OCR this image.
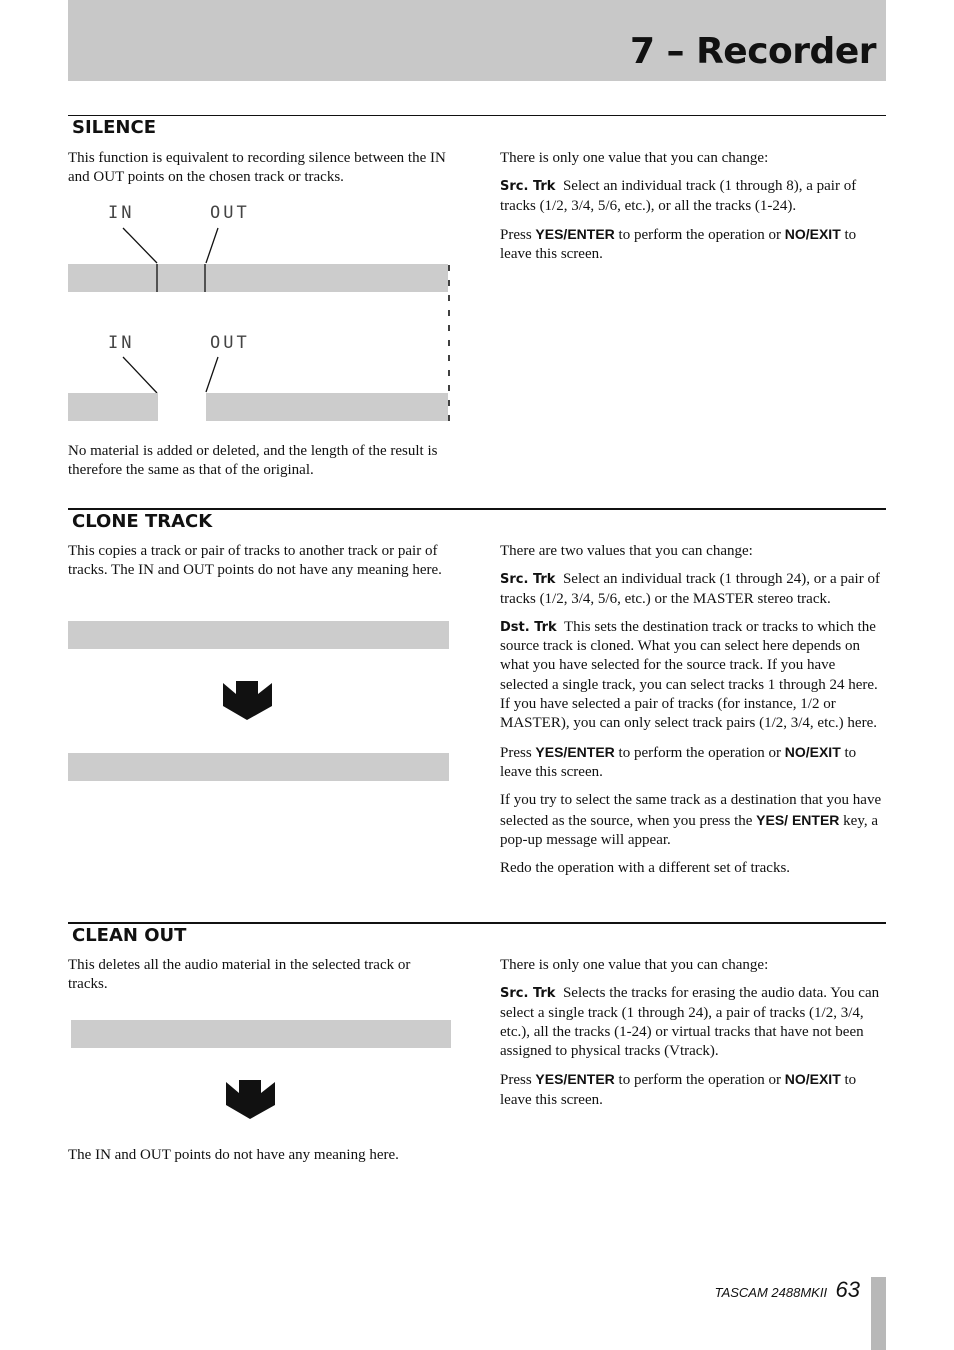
7 – Recorder
SILENCE

This function is equivalent to recording silence between the IN and OUT points on the chosen track or tracks.

No material is added or deleted, and the length of the result is therefore the same as that of the original.

There is only one value that you can change:

Src. Trk Select an individual track (1 through 8), a pair of tracks (1/2, 3/4, 5/6, etc.), or all the tracks (1-24).

Press YES/ENTER to perform the operation or NO/EXIT to leave this screen.

CLONE TRACK

This copies a track or pair of tracks to another track or pair of tracks. The IN and OUT points do not have any meaning here.

There are two values that you can change:

Src. Trk Select an individual track (1 through 24), or a pair of tracks (1/2, 3/4, 5/6, etc.) or the MASTER stereo track.

Dst. Trk This sets the destination track or tracks to which the source track is cloned. What you can select here depends on what you have selected for the source track. If you have selected a single track, you can select tracks 1 through 24 here. If you have selected a pair of tracks (for instance, 1/2 or MASTER), you can only select track pairs (1/2, 3/4, etc.) here.

Press YES/ENTER to perform the operation or NO/EXIT to leave this screen.

If you try to select the same track as a destination that you have selected as the source, when you press the YES/ ENTER key, a pop-up message will appear.

Redo the operation with a different set of tracks.

CLEAN OUT

This deletes all the audio material in the selected track or tracks.

The IN and OUT points do not have any meaning here.

There is only one value that you can change:

Src. Trk Selects the tracks for erasing the audio data. You can select a single track (1 through 24), a pair of tracks (1/2, 3/4, etc.), all the tracks (1-24) or virtual tracks that have not been assigned to physical tracks (Vtrack).

Press YES/ENTER to perform the operation or NO/EXIT to leave this screen.

IN	OUT
IN	OUT
TASCAM 2488MKII 63
